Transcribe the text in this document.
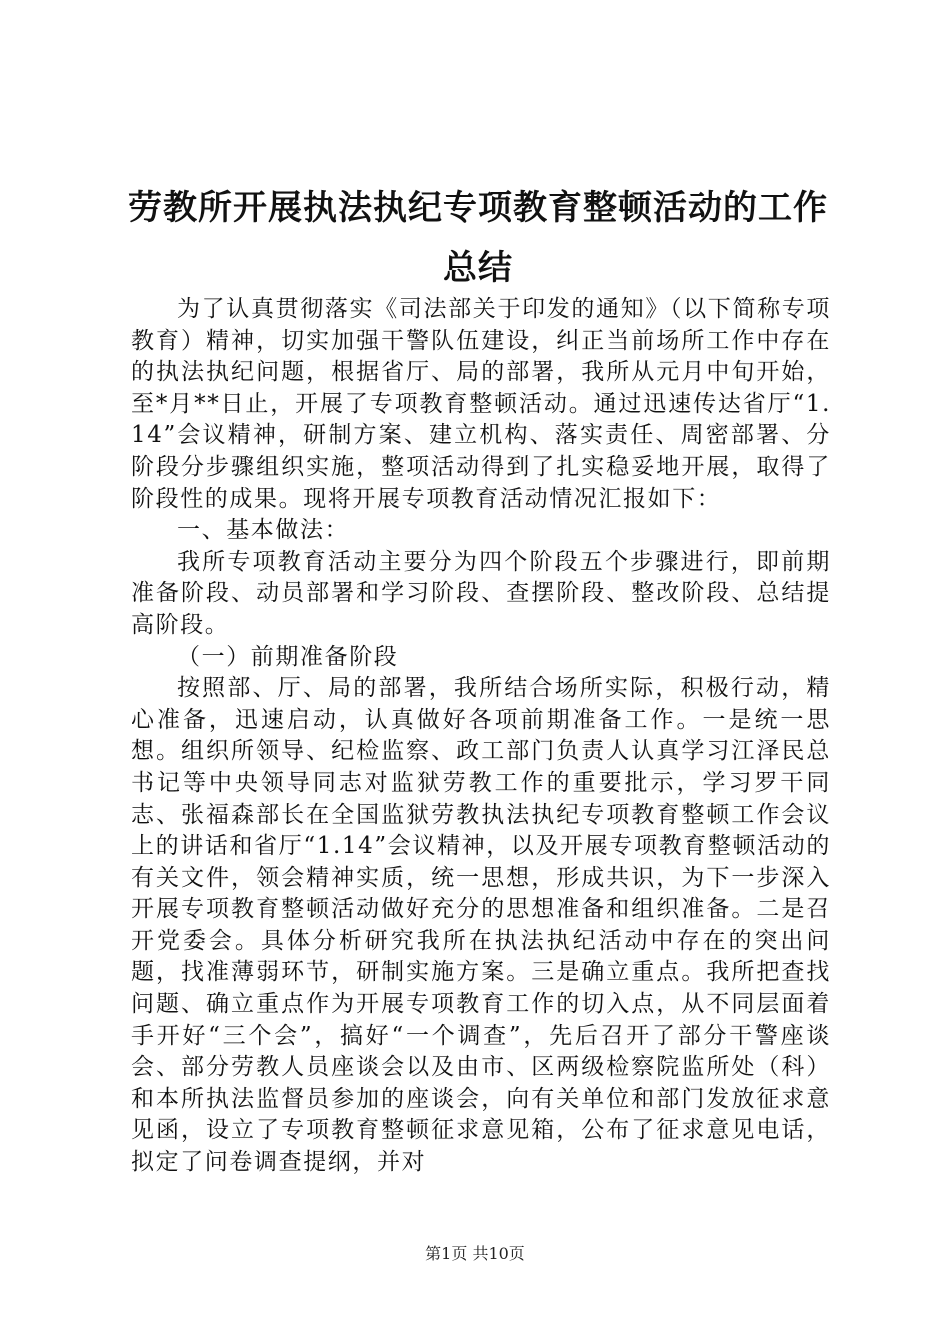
劳教所开展执法执纪专项教育整顿活动的工作
总结

为了认真贯彻落实《司法部关于印发的通知》（以下简称专项教育）精神，切实加强干警队伍建设，纠正当前场所工作中存在的执法执纪问题，根据省厅、局的部署，我所从元月中旬开始，至*月**日止，开展了专项教育整顿活动。通过迅速传达省厅“1.14”会议精神，研制方案、建立机构、落实责任、周密部署、分阶段分步骤组织实施，整项活动得到了扎实稳妥地开展，取得了阶段性的成果。现将开展专项教育活动情况汇报如下：

一、基本做法：

我所专项教育活动主要分为四个阶段五个步骤进行，即前期准备阶段、动员部署和学习阶段、查摆阶段、整改阶段、总结提高阶段。

（一）前期准备阶段

按照部、厅、局的部署，我所结合场所实际，积极行动，精心准备，迅速启动，认真做好各项前期准备工作。一是统一思想。组织所领导、纪检监察、政工部门负责人认真学习江泽民总书记等中央领导同志对监狱劳教工作的重要批示，学习罗干同志、张福森部长在全国监狱劳教执法执纪专项教育整顿工作会议上的讲话和省厅“1.14”会议精神，以及开展专项教育整顿活动的有关文件，领会精神实质，统一思想，形成共识，为下一步深入开展专项教育整顿活动做好充分的思想准备和组织准备。二是召开党委会。具体分析研究我所在执法执纪活动中存在的突出问题，找准薄弱环节，研制实施方案。三是确立重点。我所把查找问题、确立重点作为开展专项教育工作的切入点，从不同层面着手开好“三个会”，搞好“一个调查”，先后召开了部分干警座谈会、部分劳教人员座谈会以及由市、区两级检察院监所处（科）和本所执法监督员参加的座谈会，向有关单位和部门发放征求意见函，设立了专项教育整顿征求意见箱，公布了征求意见电话，拟定了问卷调查提纲，并对

第1页 共10页
